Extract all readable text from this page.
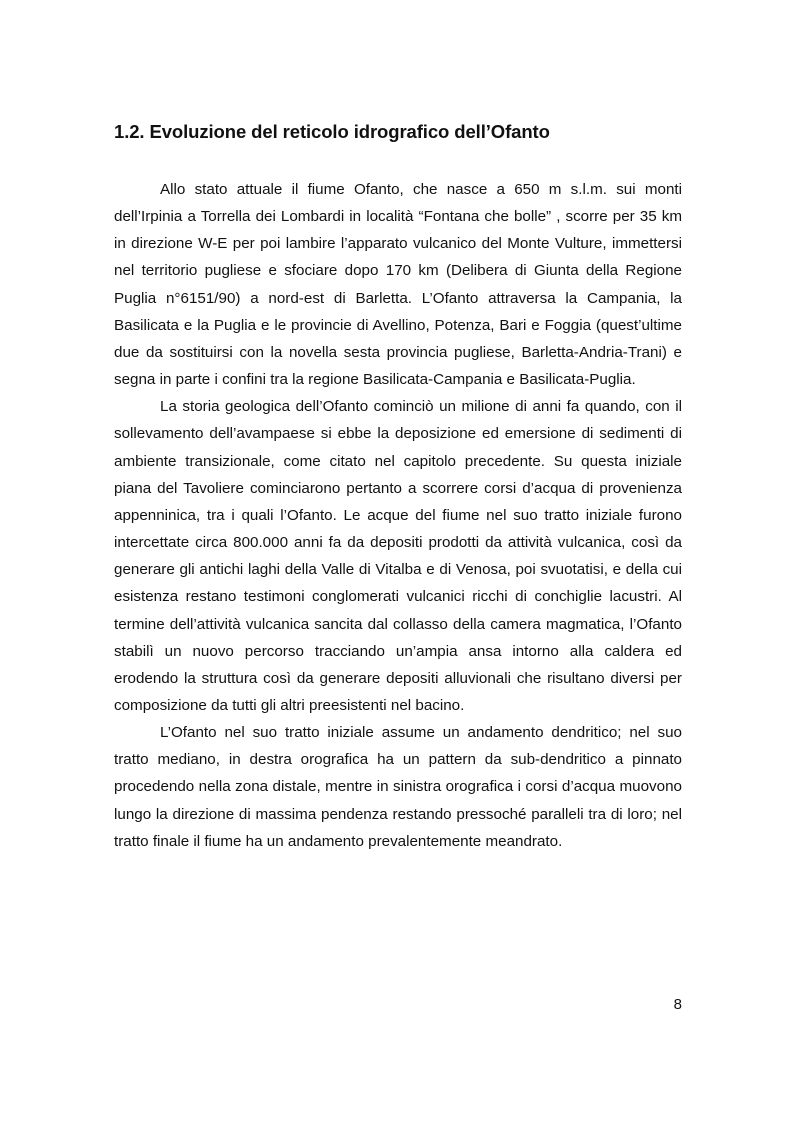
1.2. Evoluzione del reticolo idrografico dell’Ofanto

Allo stato attuale il fiume Ofanto, che nasce a 650 m s.l.m. sui monti dell’Irpinia a Torrella dei Lombardi in località “Fontana che bolle” , scorre per 35 km in direzione W-E per poi lambire l’apparato vulcanico del Monte Vulture, immettersi nel territorio pugliese e sfociare dopo 170 km (Delibera di Giunta della Regione Puglia n°6151/90) a nord-est di Barletta. L’Ofanto attraversa la Campania, la Basilicata e la Puglia e le provincie di Avellino, Potenza, Bari e Foggia (quest’ultime due da sostituirsi con la novella sesta provincia pugliese, Barletta-Andria-Trani) e segna in parte i confini tra la regione Basilicata-Campania e Basilicata-Puglia.

La storia geologica dell’Ofanto cominciò un milione di anni fa quando, con il sollevamento dell’avampaese si ebbe la deposizione ed emersione di sedimenti di ambiente transizionale, come citato nel capitolo precedente. Su questa iniziale piana del Tavoliere cominciarono pertanto a scorrere corsi d’acqua di provenienza appenninica, tra i quali l’Ofanto. Le acque del fiume nel suo tratto iniziale furono intercettate circa 800.000 anni fa da depositi prodotti da attività vulcanica, così da generare gli antichi laghi della Valle di Vitalba e di Venosa, poi svuotatisi, e della cui esistenza restano testimoni conglomerati vulcanici ricchi di conchiglie lacustri. Al termine dell’attività vulcanica sancita dal collasso della camera magmatica, l’Ofanto stabilì un nuovo percorso tracciando un’ampia ansa intorno alla caldera ed erodendo la struttura così da generare depositi alluvionali che risultano diversi per composizione da tutti gli altri preesistenti nel bacino.

L’Ofanto nel suo tratto iniziale assume un andamento dendritico; nel suo tratto mediano, in destra orografica ha un pattern da sub-dendritico a pinnato procedendo nella zona distale, mentre in sinistra orografica i corsi d’acqua muovono lungo la direzione di massima pendenza restando pressoché paralleli tra di loro; nel tratto finale il fiume ha un andamento prevalentemente meandrato.

8
